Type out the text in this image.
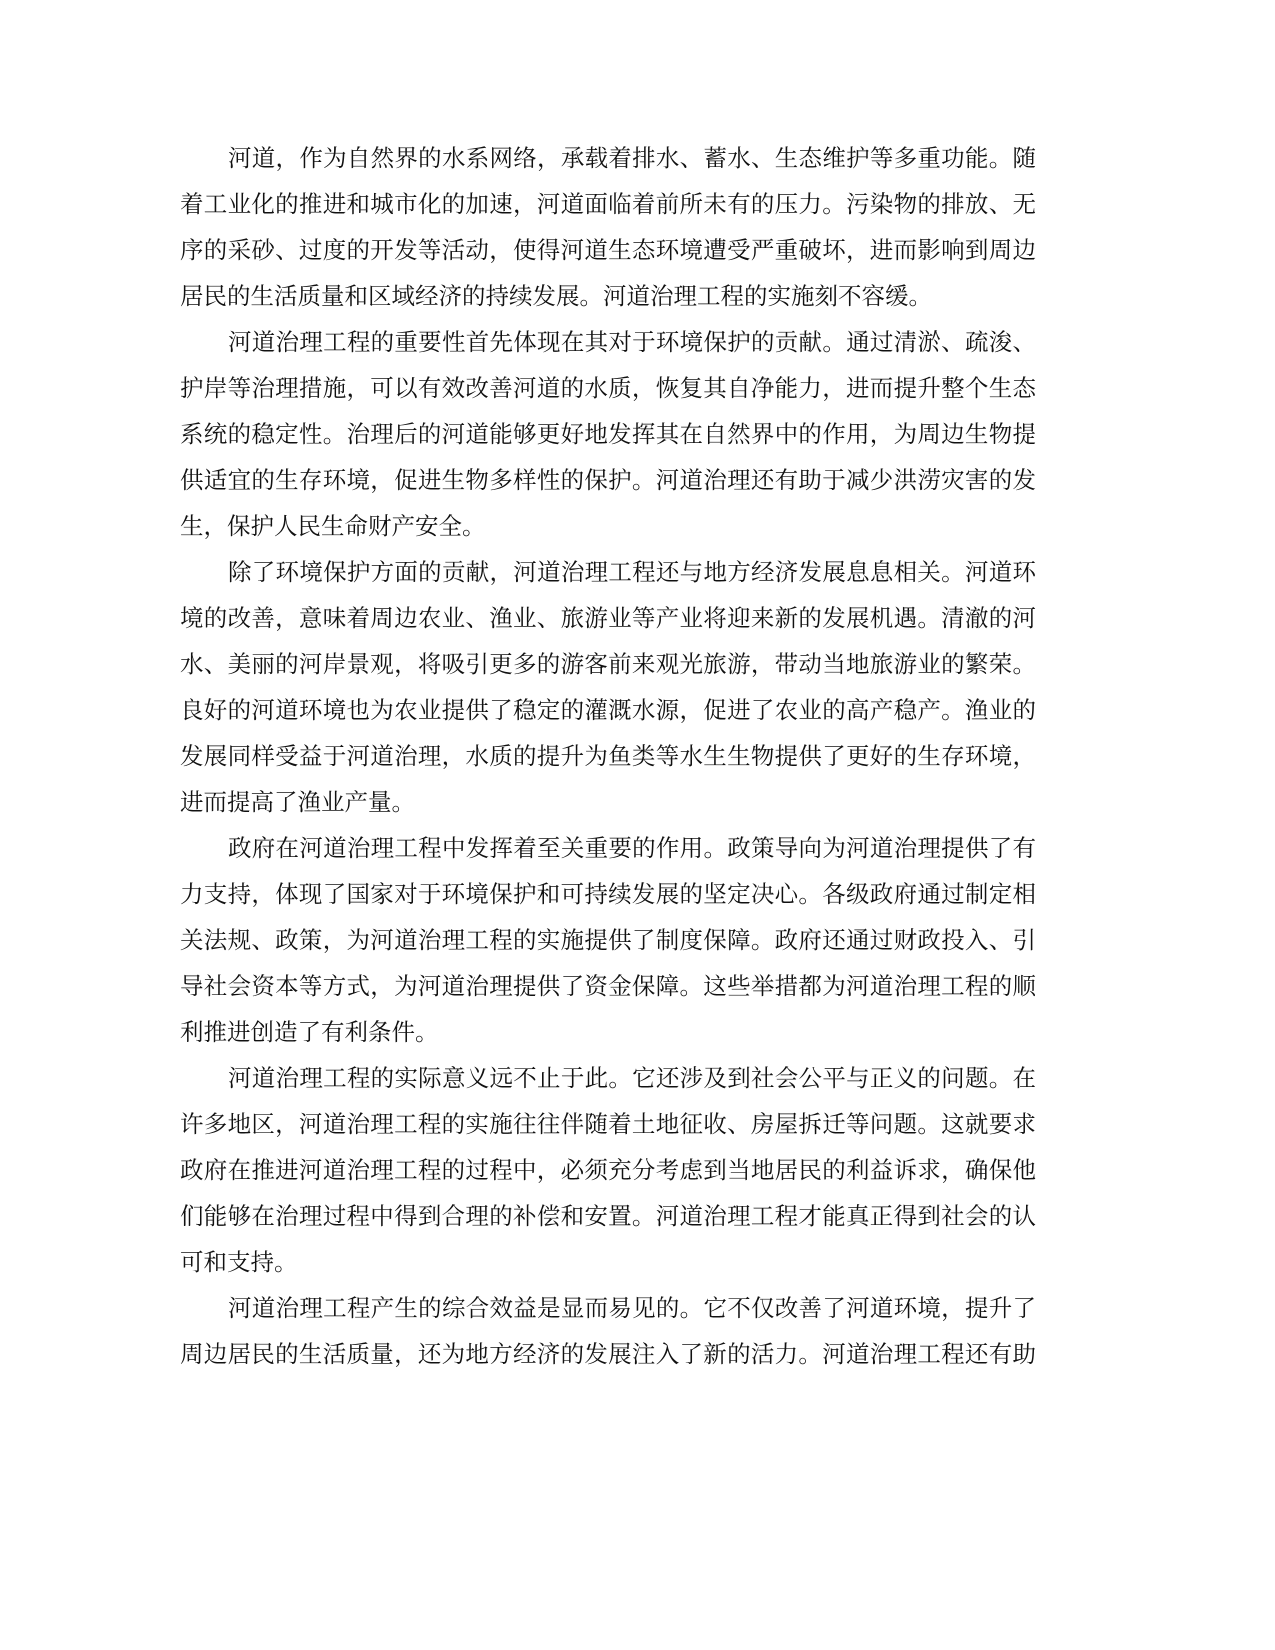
河道，作为自然界的水系网络，承载着排水、蓄水、生态维护等多重功能。随
着工业化的推进和城市化的加速，河道面临着前所未有的压力。污染物的排放、无
序的采砂、过度的开发等活动，使得河道生态环境遭受严重破坏，进而影响到周边
居民的生活质量和区域经济的持续发展。河道治理工程的实施刻不容缓。
河道治理工程的重要性首先体现在其对于环境保护的贡献。通过清淤、疏浚、
护岸等治理措施，可以有效改善河道的水质，恢复其自净能力，进而提升整个生态
系统的稳定性。治理后的河道能够更好地发挥其在自然界中的作用，为周边生物提
供适宜的生存环境，促进生物多样性的保护。河道治理还有助于减少洪涝灾害的发
生，保护人民生命财产安全。
除了环境保护方面的贡献，河道治理工程还与地方经济发展息息相关。河道环
境的改善，意味着周边农业、渔业、旅游业等产业将迎来新的发展机遇。清澈的河
水、美丽的河岸景观，将吸引更多的游客前来观光旅游，带动当地旅游业的繁荣。
良好的河道环境也为农业提供了稳定的灌溉水源，促进了农业的高产稳产。渔业的
发展同样受益于河道治理，水质的提升为鱼类等水生生物提供了更好的生存环境，
进而提高了渔业产量。
政府在河道治理工程中发挥着至关重要的作用。政策导向为河道治理提供了有
力支持，体现了国家对于环境保护和可持续发展的坚定决心。各级政府通过制定相
关法规、政策，为河道治理工程的实施提供了制度保障。政府还通过财政投入、引
导社会资本等方式，为河道治理提供了资金保障。这些举措都为河道治理工程的顺
利推进创造了有利条件。
河道治理工程的实际意义远不止于此。它还涉及到社会公平与正义的问题。在
许多地区，河道治理工程的实施往往伴随着土地征收、房屋拆迁等问题。这就要求
政府在推进河道治理工程的过程中，必须充分考虑到当地居民的利益诉求，确保他
们能够在治理过程中得到合理的补偿和安置。河道治理工程才能真正得到社会的认
可和支持。
河道治理工程产生的综合效益是显而易见的。它不仅改善了河道环境，提升了
周边居民的生活质量，还为地方经济的发展注入了新的活力。河道治理工程还有助
